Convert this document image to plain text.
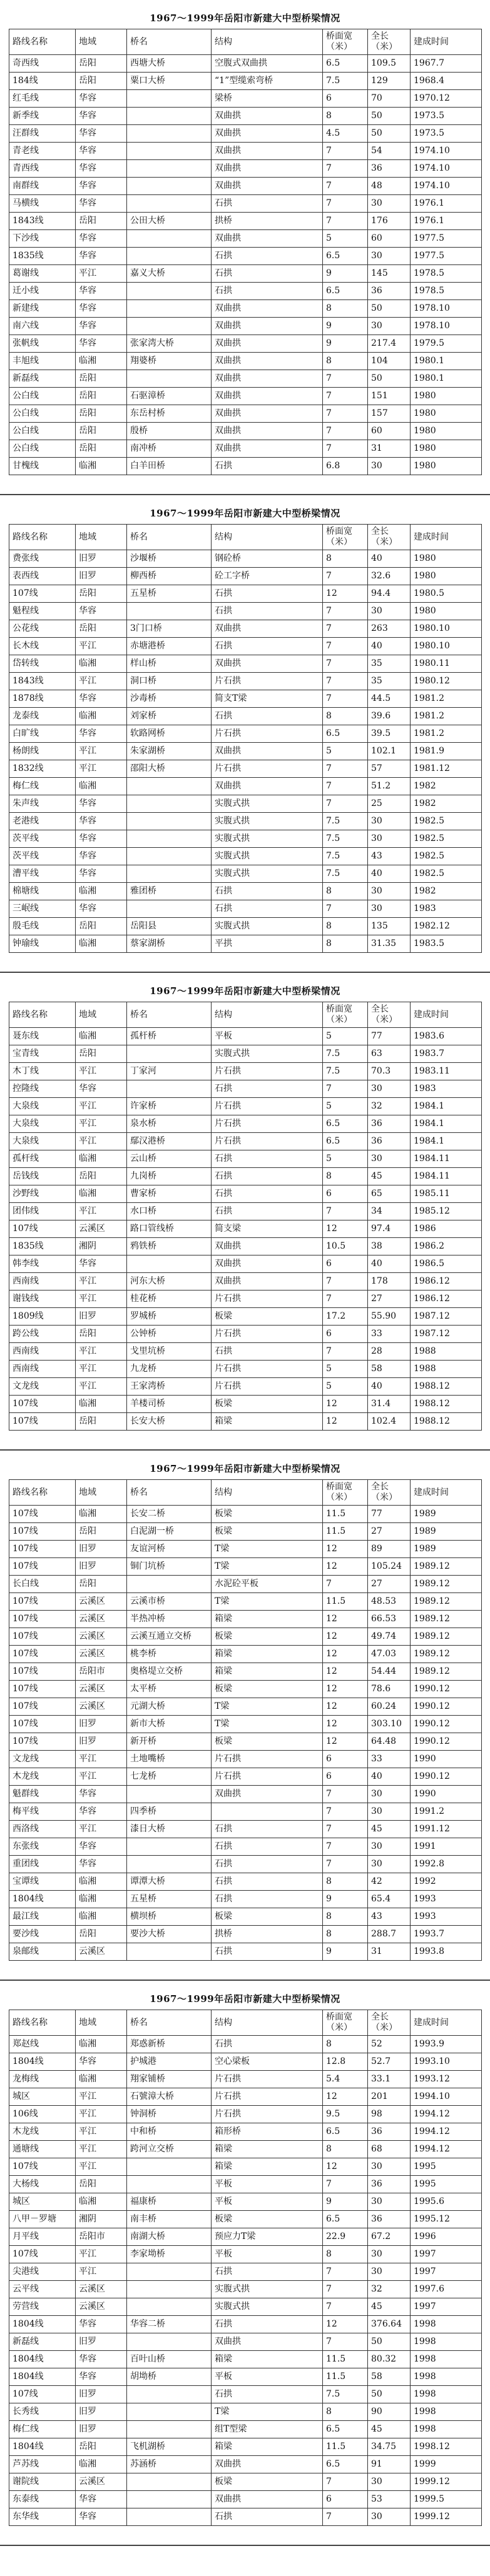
1967～1999年岳阳市新建大中型桥梁情况
路线名称	地域	桥名	结构	桥面宽（米）	全长（米）	建成时间
奇西线	岳阳	西塘大桥	空腹式双曲拱	6.5	109.5	1967.7
184线	岳阳	粟口大桥	“1”型缆索弯桥	7.5	129	1968.4
红毛线	华容		梁桥	6	70	1970.12
新季线	华容		双曲拱	8	50	1973.5
汪群线	华容		双曲拱	4.5	50	1973.5
青老线	华容		双曲拱	7	54	1974.10
青西线	华容		双曲拱	7	36	1974.10
南群线	华容		双曲拱	7	48	1974.10
马横线	华容		石拱	7	30	1976.1
1843线	岳阳	公田大桥	拱桥	7	176	1976.1
下沙线	华容		双曲拱	5	60	1977.5
1835线	华容		石拱	6.5	30	1977.5
葛谢线	平江	嘉义大桥	石拱	9	145	1978.5
迁小线	华容		石拱	6.5	36	1978.5
新建线	华容		双曲拱	8	50	1978.10
南六线	华容		双曲拱	9	30	1978.10
张帆线	华容	张家湾大桥	双曲拱	9	217.4	1979.5
丰旭线	临湘	翔婆桥	双曲拱	8	104	1980.1
新磊线	岳阳		双曲拱	7	50	1980.1
公白线	岳阳	石驱漳桥	双曲拱	7	151	1980
公白线	岳阳	东岳村桥	双曲拱	7	157	1980
公白线	岳阳	殷桥	双曲拱	7	60	1980
公白线	岳阳	南冲桥	双曲拱	7	31	1980
甘槐线	临湘	白羊田桥	石拱	6.8	30	1980
1967～1999年岳阳市新建大中型桥梁情况
路线名称	地域	桥名	结构	桥面宽（米）	全长（米）	建成时间
费张线	旧罗	沙堰桥	钢砼桥	8	40	1980
表西线	旧罗	柳西桥	砼工字桥	7	32.6	1980
107线	岳阳	五星桥	石拱	12	94.4	1980.5
魁程线	华容		石拱	7	30	1980
公花线	岳阳	3门口桥	双曲拱	7	263	1980.10
长木线	平江	赤塘港桥	石拱	7	40	1980.10
岱转线	临湘	样山桥	双曲拱	7	35	1980.11
1843线	平江	洞口桥	片石拱	7	35	1980.12
1878线	华容	沙毒桥	简支T梁	7	44.5	1981.2
龙泰线	临湘	刘家桥	石拱	8	39.6	1981.2
白旷线	华容	软路网桥	片石拱	6.5	39.5	1981.2
杨朗线	平江	朱家湖桥	双曲拱	5	102.1	1981.9
1832线	平江	邵阳大桥	片石拱	7	57	1981.12
梅仁线	临湘		双曲拱	7	51.2	1982
朱声线	华容		实腹式拱	7	25	1982
老港线	华容		实腹式拱	7.5	30	1982.5
茨平线	华容		实腹式拱	7.5	30	1982.5
茨平线	华容		实腹式拱	7.5	43	1982.5
漕平线	华容		实腹式拱	7.5	40	1982.5
棉塘线	临湘	雅团桥	石拱	8	30	1982
三岷线	华容		石拱	7	30	1983
殷毛线	岳阳	岳阳县	实腹式拱	8	135	1982.12
钟瑜线	临湘	蔡家湖桥	平拱	8	31.35	1983.5
1967～1999年岳阳市新建大中型桥梁情况
路线名称	地域	桥名	结构	桥面宽（米）	全长（米）	建成时间
聂东线	临湘	孤杆桥	平板	5	77	1983.6
宝青线	岳阳		实腹式拱	7.5	63	1983.7
木丁线	平江	丁家河	片石拱	7.5	70.3	1983.11
控隆线	华容		石拱	7	30	1983
大泉线	平江	许家桥	片石拱	5	32	1984.1
大泉线	平江	泉水桥	片石拱	6.5	36	1984.1
大泉线	平江	鄢汉港桥	片石拱	6.5	36	1984.1
孤杆线	临湘	云山桥	石拱	5	30	1984.11
岳钱线	岳阳	九岗桥	石拱	8	45	1984.11
沙野线	临湘	曹家桥	石拱	6	65	1985.11
团伟线	平江	水口桥	石拱	7	34	1985.12
107线	云溪区	路口管线桥	简支梁	12	97.4	1986
1835线	湘阴	鸦铁桥	双曲拱	10.5	38	1986.2
韩李线	华容		双曲拱	6	40	1986.5
西南线	平江	河东大桥	双曲拱	7	178	1986.12
谢钱线	平江	桂花桥	片石拱	7	27	1986.12
1809线	旧罗	罗城桥	板梁	17.2	55.90	1987.12
跨公线	岳阳	公钟桥	片石拱	6	33	1987.12
西南线	平江	戈里坑桥	石拱	7	28	1988
西南线	平江	九龙桥	片石拱	5	58	1988
文龙线	平江	王家湾桥	片石拱	5	40	1988.12
107线	临湘	羊楼司桥	板梁	12	31.4	1988.12
107线	岳阳	长安大桥	箱梁	12	102.4	1988.12
1967～1999年岳阳市新建大中型桥梁情况
路线名称	地域	桥名	结构	桥面宽（米）	全长（米）	建成时间
107线	临湘	长安二桥	板梁	11.5	77	1989
107线	岳阳	白泥湖一桥	板梁	11.5	27	1989
107线	旧罗	友谊河桥	T梁	12	89	1989
107线	旧罗	铜门坑桥	T梁	12	105.24	1989.12
长白线	岳阳		水泥砼平板	7	27	1989.12
107线	云溪区	云溪市桥	T梁	11.5	48.53	1989.12
107线	云溪区	半热冲桥	箱梁	12	66.53	1989.12
107线	云溪区	云溪互通立交桥	板梁	12	49.74	1989.12
107线	云溪区	桃李桥	箱梁	12	47.03	1989.12
107线	岳阳市	奥格堤立交桥	箱梁	12	54.44	1989.12
107线	云溪区	太平桥	板梁	12	78.6	1990.12
107线	云溪区	元湖大桥	T梁	12	60.24	1990.12
107线	旧罗	新市大桥	T梁	12	303.10	1990.12
107线	旧罗	新开桥	板梁	12	64.48	1990.12
文龙线	平江	土地嘴桥	片石拱	6	33	1990
木龙线	平江	七龙桥	片石拱	6	40	1990.12
魁群线	华容		双曲拱	7	30	1990
梅平线	华容	四季桥		7	30	1991.2
西洛线	平江	漆日大桥	石拱	7	45	1991.12
东张线	华容		石拱	7	30	1991
重团线	华容		石拱	7	30	1992.8
宝谭线	临湘	谭潭大桥	石拱	8	42	1992
1804线	临湘	五星桥	石拱	9	65.4	1993
最江线	临湘	横坝桥	板梁	8	43	1993
要沙线	岳阳	要沙大桥	拱桥	8	288.7	1993.7
泉邮线	云溪区		石拱	9	31	1993.8
1967～1999年岳阳市新建大中型桥梁情况
路线名称	地域	桥名	结构	桥面宽（米）	全长（米）	建成时间
郑赵线	临湘	郑惑新桥	石拱	8	52	1993.9
1804线	华容	护城港	空心梁板	12.8	52.7	1993.10
龙梅线	临湘	翔家铺桥	片石拱	5.4	33.1	1993.12
城区	平江	石號漳大桥	片石拱	12	201	1994.10
106线	平江	钟洞桥	片石拱	9.5	98	1994.12
木龙线	平江	中和桥	箱形桥	6.5	36	1994.12
通塘线	平江	跨河立交桥	箱梁	8	68	1994.12
107线	平江		箱梁	12	30	1995
大杨线	岳阳		平板	7	36	1995
城区	临湘	福康桥	平板	9	30	1995.6
八甲－罗塘	湘阴	南丰桥	板梁	6.5	36	1995.12
月平线	岳阳市	南湖大桥	预应力T梁	22.9	67.2	1996
107线	平江	李家坳桥	平板	8	30	1997
尖港线	平江		石拱	7	30	1997
云平线	云溪区		实腹式拱	7	32	1997.6
劳营线	云溪区		实腹式拱	7	45	1997
1804线	华容	华容二桥	石拱	12	376.64	1998
新磊线	旧罗		双曲拱	7	50	1998
1804线	华容	百叶山桥	箱梁	11.5	80.32	1998
1804线	华容	胡坳桥	平板	11.5	58	1998
107线	旧罗		石拱	7.5	50	1998
长秀线	旧罗		T梁	8	90	1998
梅仁线	旧罗		组T型梁	6.5	45	1998
1804线	岳阳	飞机湖桥	箱梁	11.5	34.75	1998.12
芦苏线	临湘	苏涵桥	双曲拱	6.5	91	1999
谢院线	云溪区		板梁	7	30	1999.12
东泰线	华容		双曲拱	6	53	1999.5
东华线	华容		石拱	7	30	1999.12
